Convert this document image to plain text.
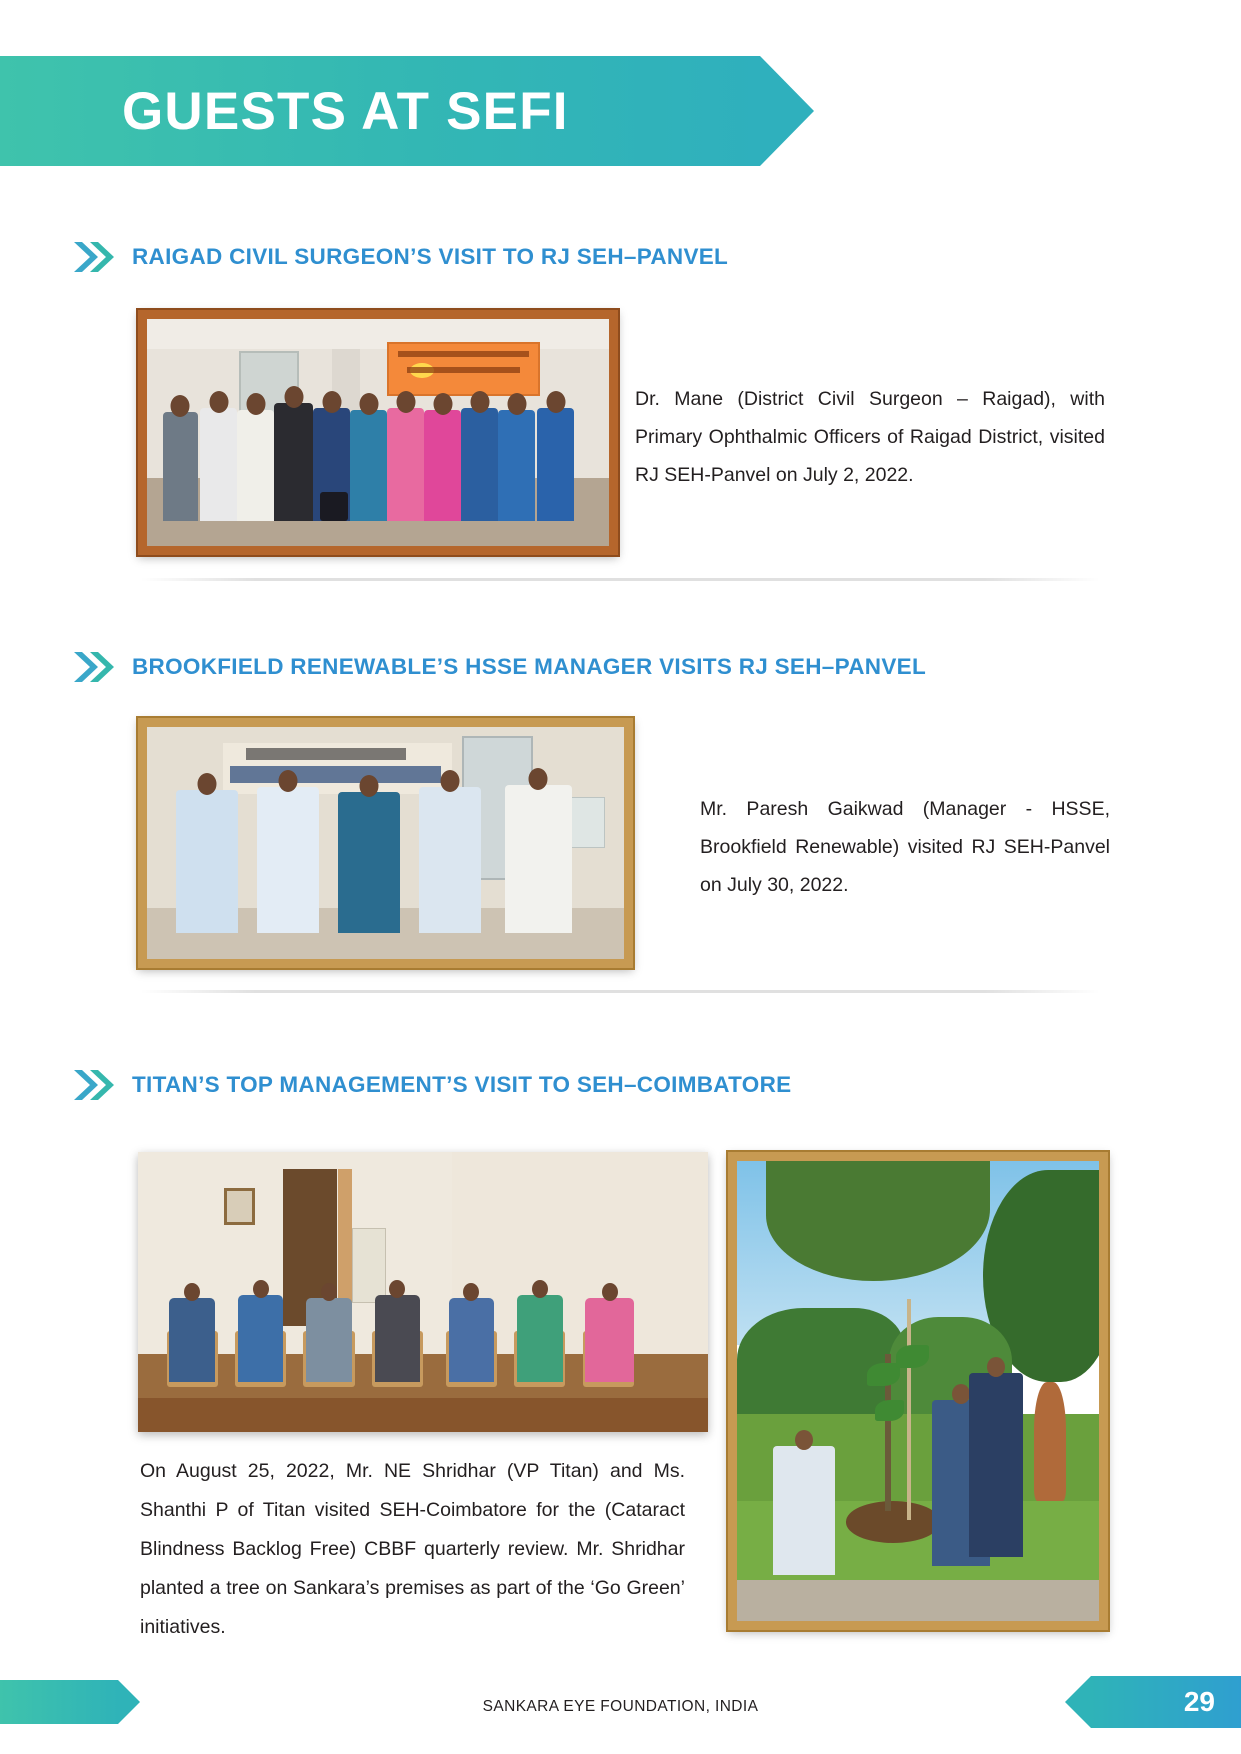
GUESTS AT SEFI
RAIGAD CIVIL SURGEON’S VISIT TO RJ SEH–PANVEL
Dr. Mane (District Civil Surgeon – Raigad), with Primary Ophthalmic Officers of Raigad District, visited RJ SEH-Panvel on July 2, 2022.
BROOKFIELD RENEWABLE’S HSSE MANAGER VISITS RJ SEH–PANVEL
Mr. Paresh Gaikwad (Manager - HSSE, Brookfield Renewable) visited RJ SEH-Panvel on July 30, 2022.
TITAN’S TOP MANAGEMENT’S VISIT TO SEH–COIMBATORE
On August 25, 2022, Mr. NE Shridhar (VP Titan) and Ms. Shanthi P of Titan visited SEH-Coimbatore for the (Cataract Blindness Backlog Free) CBBF quarterly review. Mr. Shridhar planted a tree on Sankara’s premises as part of the ‘Go Green’ initiatives.
SANKARA EYE FOUNDATION, INDIA	29
